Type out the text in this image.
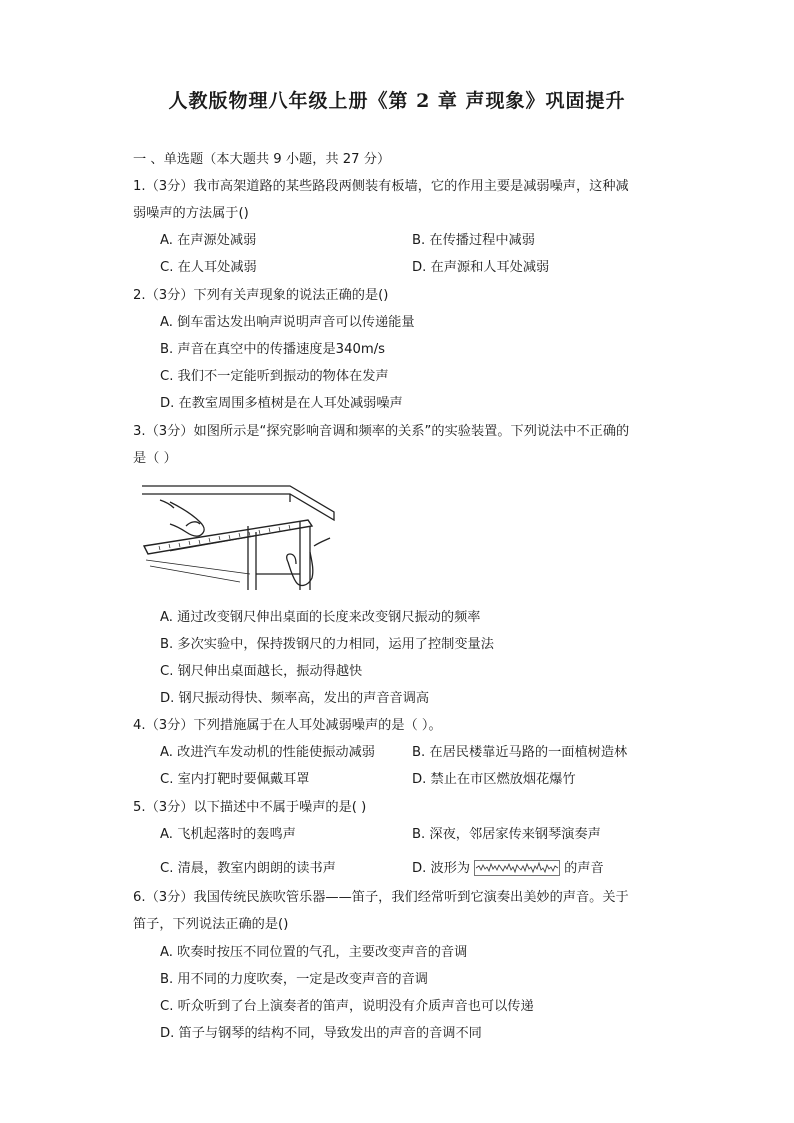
人教版物理八年级上册《第 2 章 声现象》巩固提升
一 、单选题（本大题共 9 小题，共 27 分）
1.（3分）我市高架道路的某些路段两侧装有板墙，它的作用主要是减弱噪声，这种减
弱噪声的方法属于()
A. 在声源处减弱	B. 在传播过程中减弱
C. 在人耳处减弱	D. 在声源和人耳处减弱
2.（3分）下列有关声现象的说法正确的是()
A. 倒车雷达发出响声说明声音可以传递能量
B. 声音在真空中的传播速度是340m/s
C. 我们不一定能听到振动的物体在发声
D. 在教室周围多植树是在人耳处减弱噪声
3.（3分）如图所示是“探究影响音调和频率的关系”的实验装置。下列说法中不正确的
是（ ）
A. 通过改变钢尺伸出桌面的长度来改变钢尺振动的频率
B. 多次实验中，保持拨钢尺的力相同，运用了控制变量法
C. 钢尺伸出桌面越长，振动得越快
D. 钢尺振动得快、频率高，发出的声音音调高
4.（3分）下列措施属于在人耳处减弱噪声的是（ ）。
A. 改进汽车发动机的性能使振动减弱	B. 在居民楼靠近马路的一面植树造林
C. 室内打靶时要佩戴耳罩	D. 禁止在市区燃放烟花爆竹
5.（3分）以下描述中不属于噪声的是( )
A. 飞机起落时的轰鸣声	B. 深夜，邻居家传来钢琴演奏声
C. 清晨，教室内朗朗的读书声	D. 波形为	的声音
6.（3分）我国传统民族吹管乐器——笛子，我们经常听到它演奏出美妙的声音。关于
笛子，下列说法正确的是()
A. 吹奏时按压不同位置的气孔，主要改变声音的音调
B. 用不同的力度吹奏，一定是改变声音的音调
C. 听众听到了台上演奏者的笛声，说明没有介质声音也可以传递
D. 笛子与钢琴的结构不同，导致发出的声音的音调不同
